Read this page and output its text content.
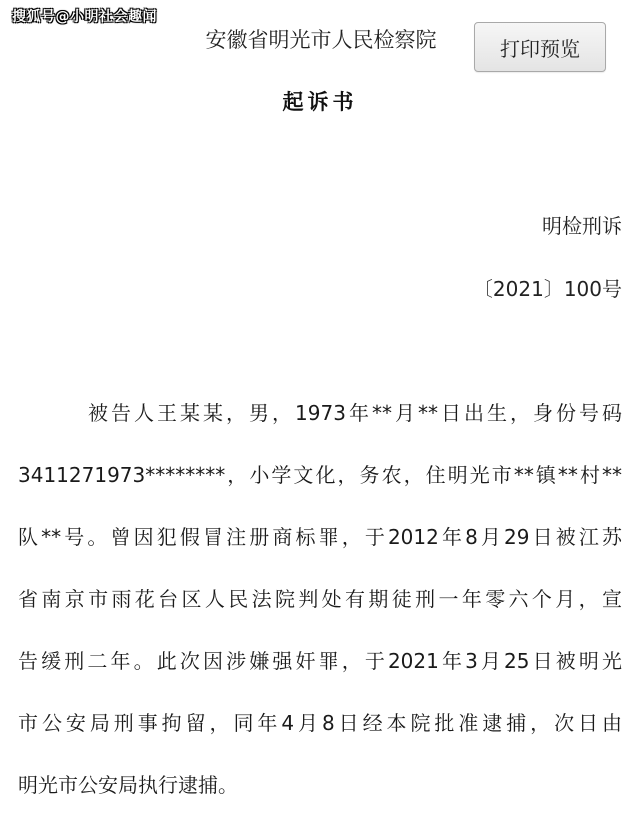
搜狐号@小明社会趣闻
安徽省明光市人民检察院	打印预览
起诉书
明检刑诉
〔2021〕100号
被告人王某某，男，1973年**月**日出生，身份号码
3411271973********，小学文化，务农，住明光市**镇**村**
队**号。曾因犯假冒注册商标罪，于2012年8月29日被江苏
省南京市雨花台区人民法院判处有期徒刑一年零六个月，宣
告缓刑二年。此次因涉嫌强奸罪，于2021年3月25日被明光
市公安局刑事拘留，同年4月8日经本院批准逮捕，次日由
明光市公安局执行逮捕。
